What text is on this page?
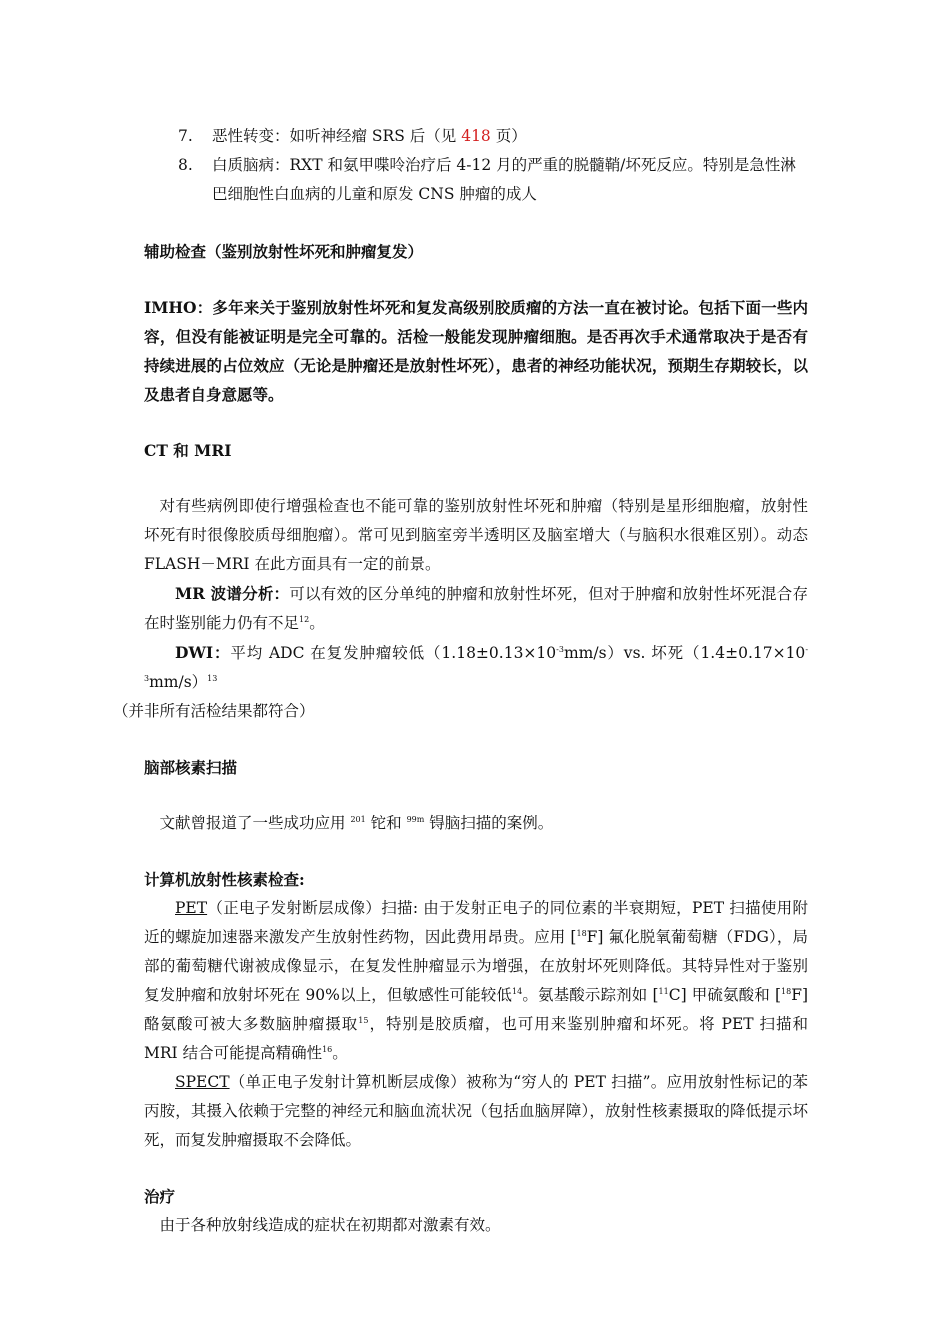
7. 恶性转变：如听神经瘤 SRS 后（见 418 页）
8. 白质脑病：RXT 和氨甲喋呤治疗后 4-12 月的严重的脱髓鞘/坏死反应。特别是急性淋巴细胞性白血病的儿童和原发 CNS 肿瘤的成人
辅助检查（鉴别放射性坏死和肿瘤复发）
IMHO：多年来关于鉴别放射性坏死和复发高级别胶质瘤的方法一直在被讨论。包括下面一些内容，但没有能被证明是完全可靠的。活检一般能发现肿瘤细胞。是否再次手术通常取决于是否有持续进展的占位效应（无论是肿瘤还是放射性坏死），患者的神经功能状况，预期生存期较长，以及患者自身意愿等。
CT 和 MRI
对有些病例即使行增强检查也不能可靠的鉴别放射性坏死和肿瘤（特别是星形细胞瘤，放射性坏死有时很像胶质母细胞瘤）。常可见到脑室旁半透明区及脑室增大（与脑积水很难区别）。动态 FLASH－MRI 在此方面具有一定的前景。
MR 波谱分析：可以有效的区分单纯的肿瘤和放射性坏死，但对于肿瘤和放射性坏死混合存在时鉴别能力仍有不足$^{12}$。
DWI：平均 ADC 在复发肿瘤较低$(1.18\pm 0.13\times 10^{-3}mm/s)vs$. 坏死$(1.4\pm 0.17\times 10^{-3}mm/s)^{13}$
（并非所有活检结果都符合）
脑部核素扫描
文献曾报道了一些成功应用 $^{201}$ 铊和 $^{99m}$ 锝脑扫描的案例。
计算机放射性核素检查:
PET（正电子发射断层成像）扫描: 由于发射正电子的同位素的半衰期短，PET 扫描使用附近的螺旋加速器来激发产生放射性药物，因此费用昂贵。应用 [$^{18}$F] 氟化脱氧葡萄糖（FDG），局部的葡萄糖代谢被成像显示，在复发性肿瘤显示为增强，在放射坏死则降低。其特异性对于鉴别复发肿瘤和放射坏死在 90%以上，但敏感性可能较低$^{14}$。氨基酸示踪剂如 [$^{11}$C] 甲硫氨酸和 [$^{18}$F] 酪氨酸可被大多数脑肿瘤摄取$^{15}$，特别是胶质瘤，也可用来鉴别肿瘤和坏死。将 PET 扫描和 MRI 结合可能提高精确性$^{16}$。
SPECT（单正电子发射计算机断层成像）被称为“穷人的 PET 扫描”。应用放射性标记的苯丙胺，其摄入依赖于完整的神经元和脑血流状况（包括血脑屏障），放射性核素摄取的降低提示坏死，而复发肿瘤摄取不会降低。
治疗
由于各种放射线造成的症状在初期都对激素有效。
